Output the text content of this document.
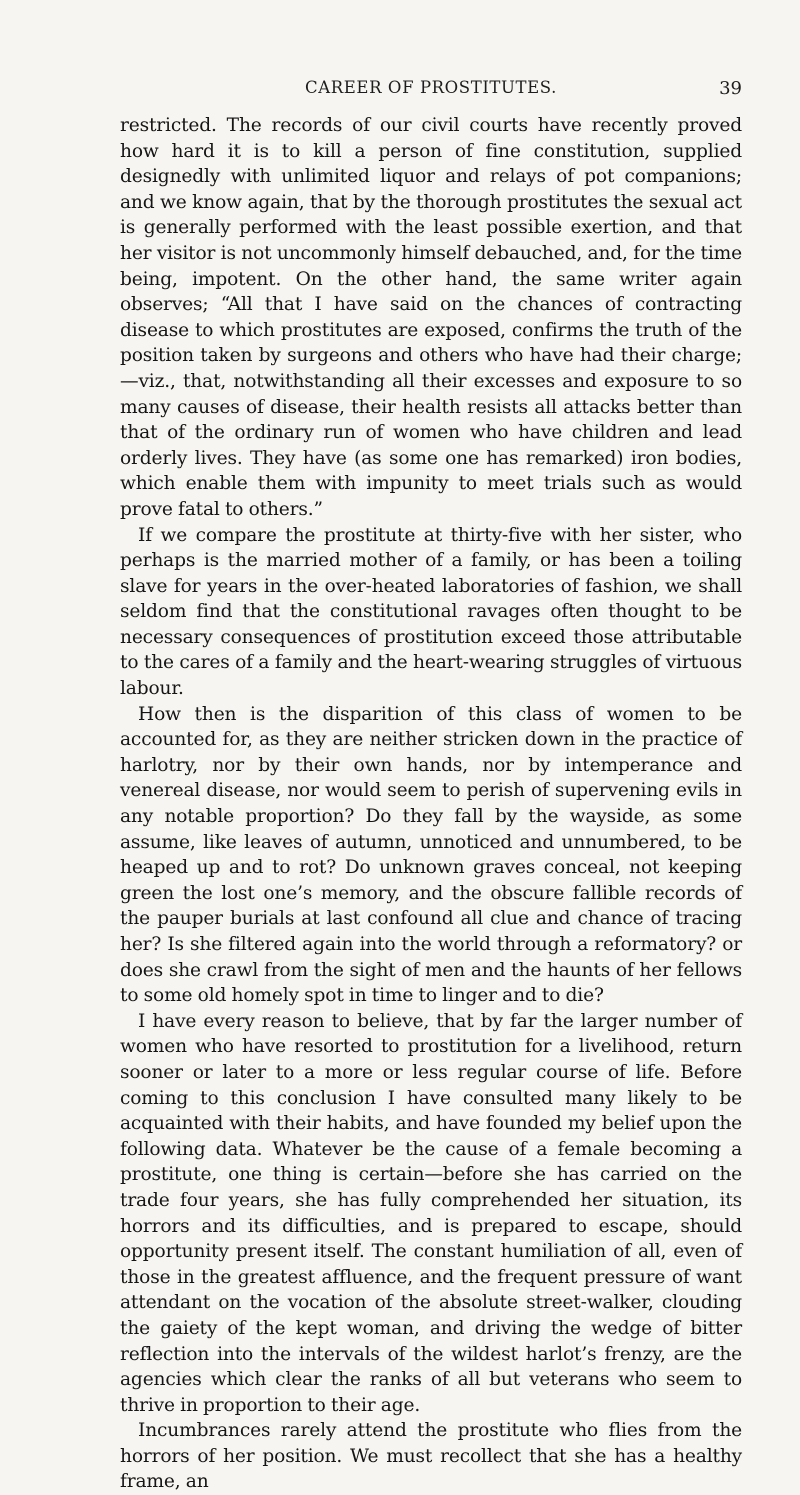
CAREER OF PROSTITUTES.	39

restricted. The records of our civil courts have recently proved how hard it is to kill a person of fine constitution, supplied designedly with unlimited liquor and relays of pot companions; and we know again, that by the thorough prostitutes the sexual act is generally performed with the least possible exertion, and that her visitor is not uncommonly himself debauched, and, for the time being, impotent. On the other hand, the same writer again observes; “All that I have said on the chances of contracting disease to which prostitutes are exposed, confirms the truth of the position taken by surgeons and others who have had their charge;—viz., that, notwithstanding all their excesses and exposure to so many causes of disease, their health resists all attacks better than that of the ordinary run of women who have children and lead orderly lives. They have (as some one has remarked) iron bodies, which enable them with impunity to meet trials such as would prove fatal to others.”

If we compare the prostitute at thirty-five with her sister, who perhaps is the married mother of a family, or has been a toiling slave for years in the over-heated laboratories of fashion, we shall seldom find that the constitutional ravages often thought to be necessary consequences of prostitution exceed those attributable to the cares of a family and the heart-wearing struggles of virtuous labour.

How then is the disparition of this class of women to be accounted for, as they are neither stricken down in the practice of harlotry, nor by their own hands, nor by intemperance and venereal disease, nor would seem to perish of supervening evils in any notable proportion? Do they fall by the wayside, as some assume, like leaves of autumn, unnoticed and unnumbered, to be heaped up and to rot? Do unknown graves conceal, not keeping green the lost one’s memory, and the obscure fallible records of the pauper burials at last confound all clue and chance of tracing her? Is she filtered again into the world through a reformatory? or does she crawl from the sight of men and the haunts of her fellows to some old homely spot in time to linger and to die?

I have every reason to believe, that by far the larger number of women who have resorted to prostitution for a livelihood, return sooner or later to a more or less regular course of life. Before coming to this conclusion I have consulted many likely to be acquainted with their habits, and have founded my belief upon the following data. Whatever be the cause of a female becoming a prostitute, one thing is certain—before she has carried on the trade four years, she has fully comprehended her situation, its horrors and its difficulties, and is prepared to escape, should opportunity present itself. The constant humiliation of all, even of those in the greatest affluence, and the frequent pressure of want attendant on the vocation of the absolute street-walker, clouding the gaiety of the kept woman, and driving the wedge of bitter reflection into the intervals of the wildest harlot’s frenzy, are the agencies which clear the ranks of all but veterans who seem to thrive in proportion to their age.

Incumbrances rarely attend the prostitute who flies from the horrors of her position. We must recollect that she has a healthy frame, an
